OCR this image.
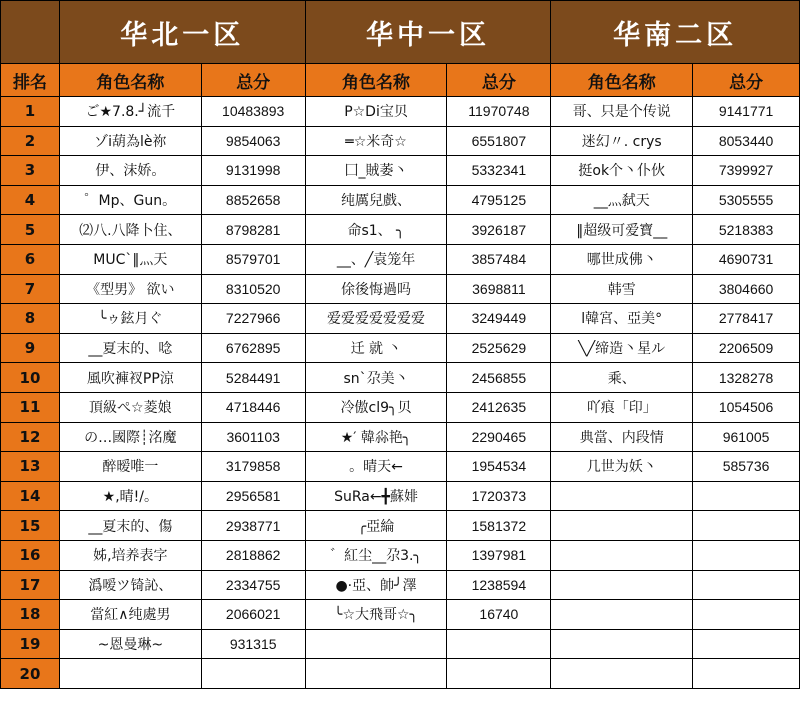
	华北一区		华中一区		华南二区	
排名	角色名称	总分	角色名称	总分	角色名称	总分
1	ご★7.8.┘流千	10483893	P☆Di宝贝	11970748	哥、只是个传说	9141771
2	ゾi葫為lè祢	9854063	═☆米奇☆	6551807	迷幻〃. crys	8053440
3	伊、沫娇。	9131998	囗_賊萎丶	5332341	挺ok个丶仆伙	7399927
4	゜Mp、Gun。	8852658	纯厲兒戲、	4795125	__灬弑天	5305555
5	⑵八.八降卜住、	8798281	命s1、 ╮	3926187	‖超级可爱寶__	5218383
6	MUC`‖灬天	8579701	__、╱袁笼年	3857484	哪世成佛丶	4690731
7	《型男》 欲い	8310520	俆後悔過吗	3698811	韩雪	3804660
8	╰ゥ鉉月ぐ	7227966	爱爱爱爱爱爱爱	3249449	l韓宮、亞美°	2778417
9	__夏末的、唸	6762895	迁 就 丶	2525629	╲╱缔造丶星ル	2206509
10	風吹褲衩PP涼	5284491	sn`尕美丶	2456855	乘、	1328278
11	頂級ぺ☆菱娘	4718446	冷傲cl9╮贝	2412635	吖痕「印」	1054506
12	の…國際┊洺魔	3601103	★′ 韓尛艳╮	2290465	典當、内段情	961005
13	醉暧唯一	3179858	。晴天←	1954534	几世为妖丶	585736
14	★,晴!/。	2956581	SuRa←╋蘇婔	1720373		
15	__夏末的、傷	2938771	╭亞綸	1581372		
16	姊,培养表字	2818862	゛紅尘__尕3.╮	1397981		
17	潙嗳ツ锜訫、	2334755	●·亞、帥╯澤	1238594		
18	當紅∧纯處男	2066021	╰☆大飛哥☆╮	16740		
19	~恩曼琳~	931315				
20						
